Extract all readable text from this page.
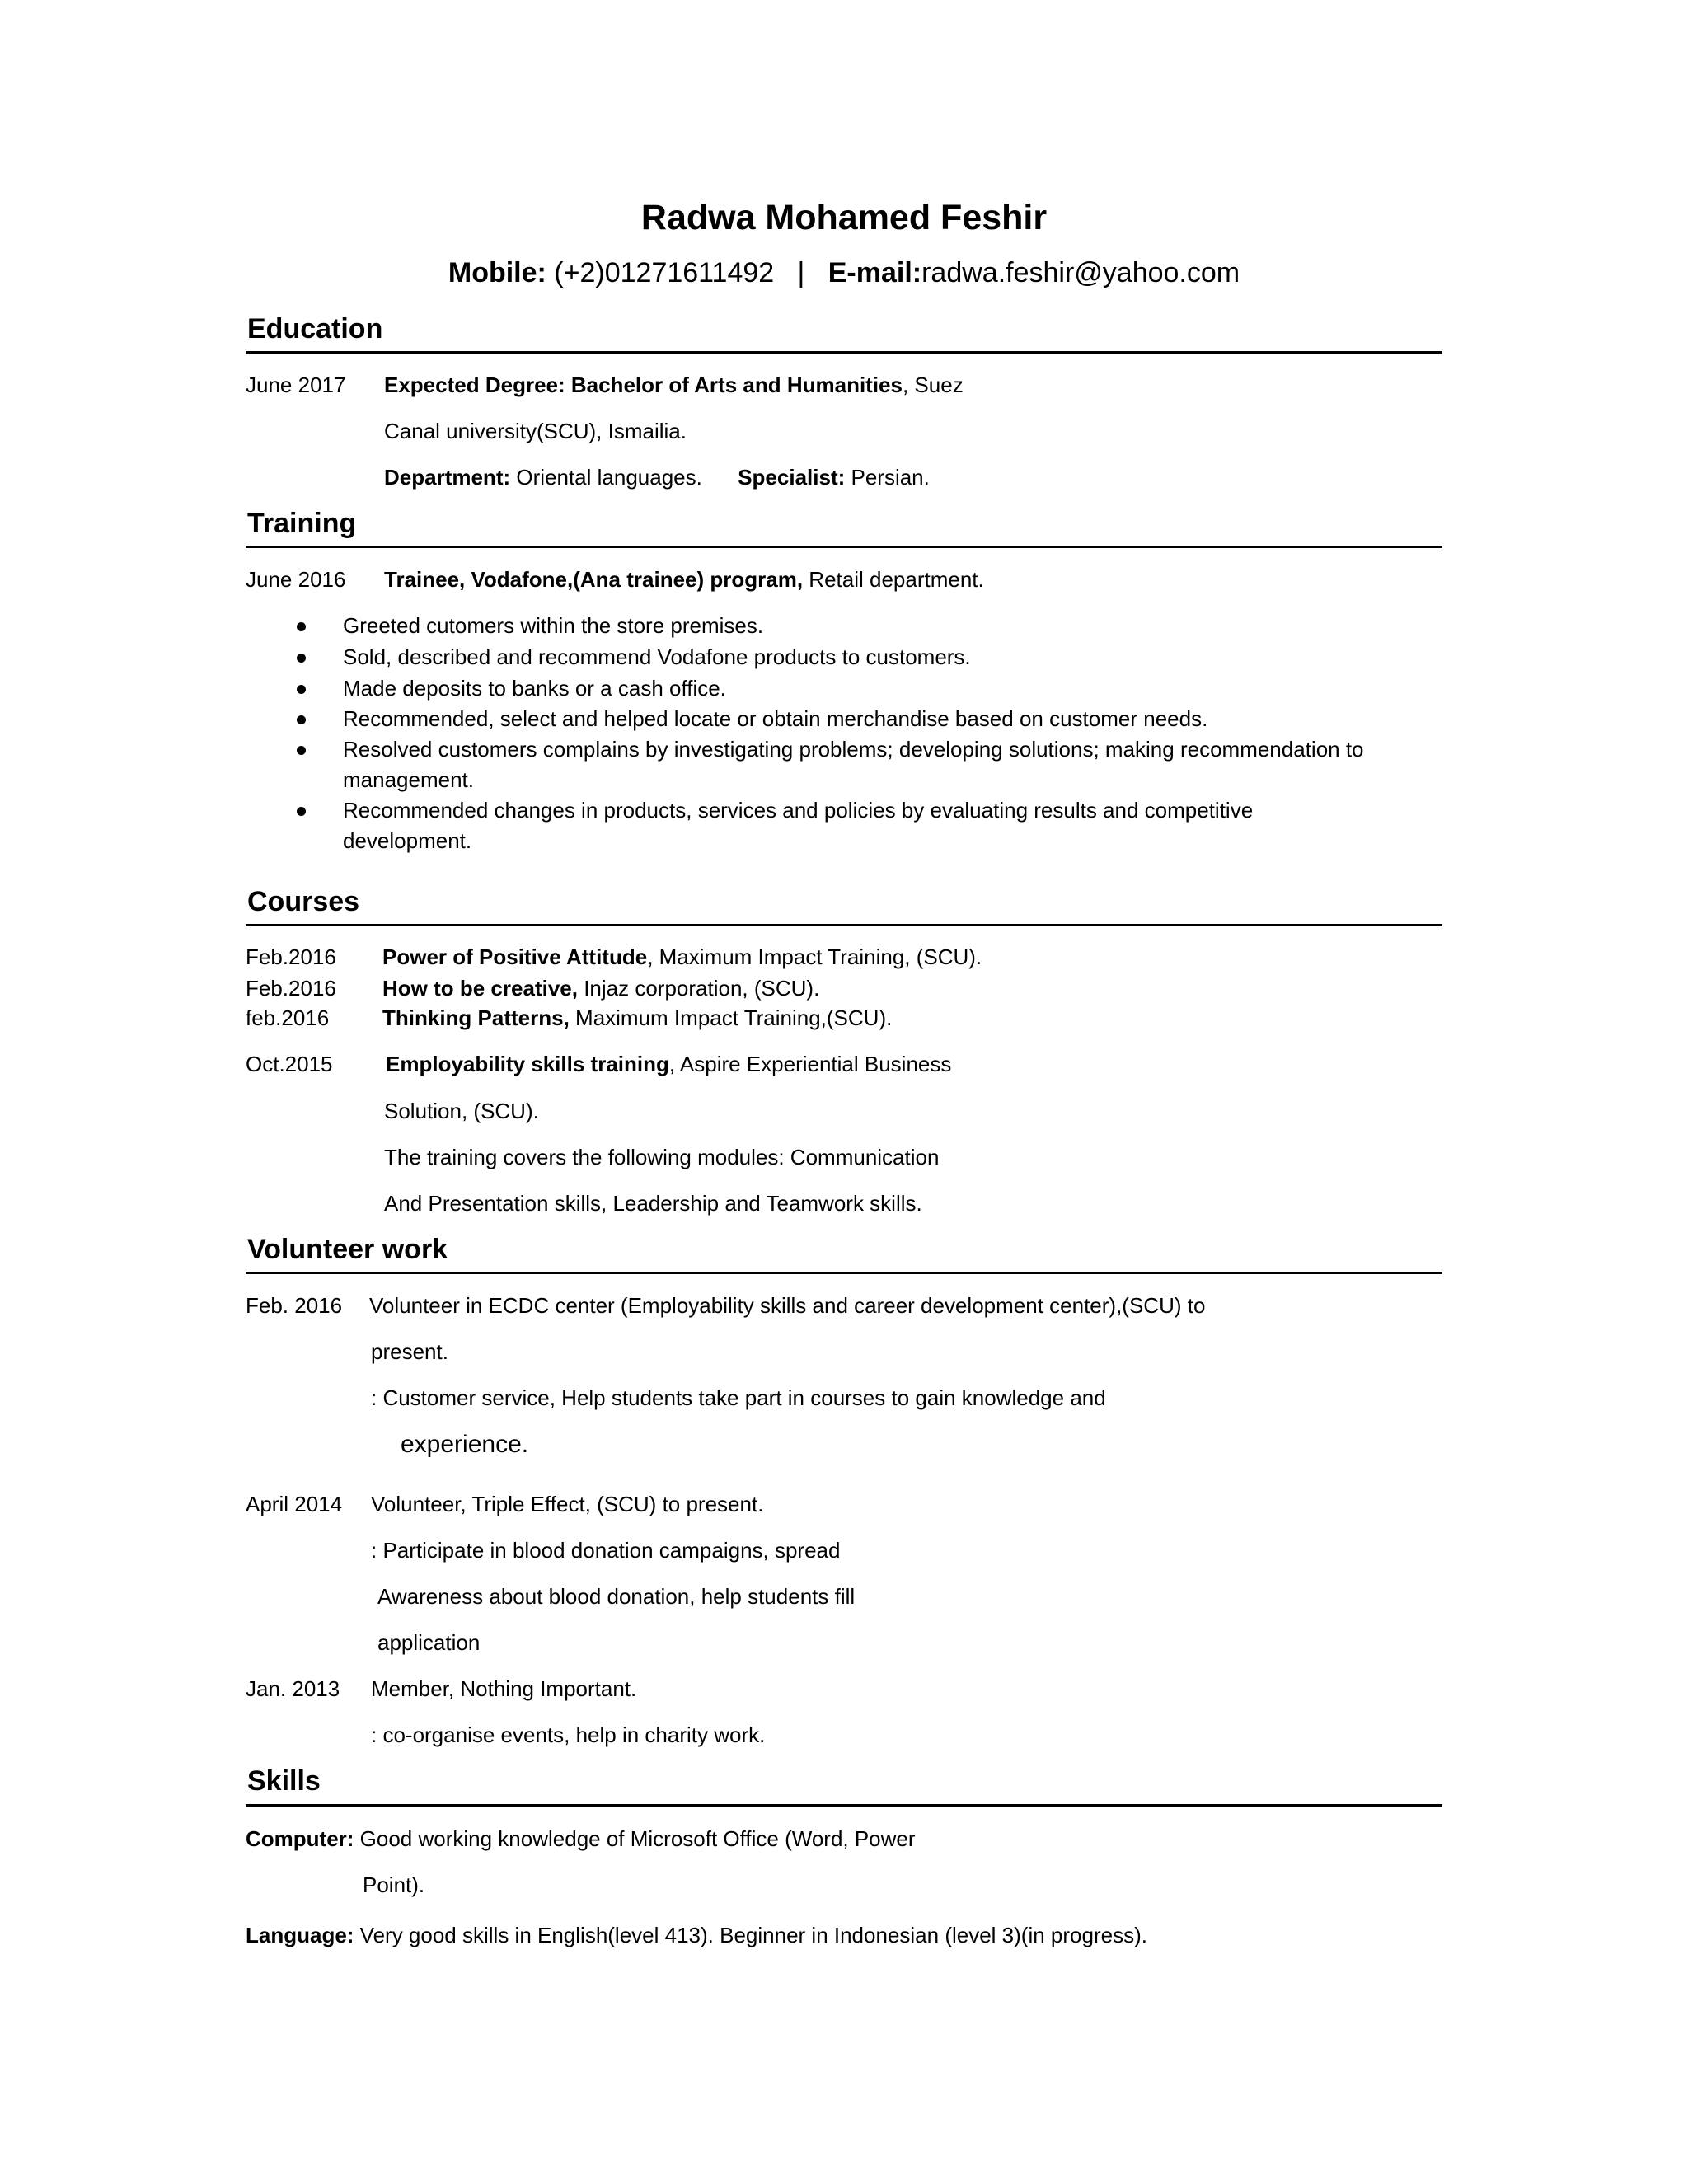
Radwa Mohamed Feshir
Mobile: (+2)01271611492 | E-mail:radwa.feshir@yahoo.com
Education
June 2017 Expected Degree: Bachelor of Arts and Humanities, Suez
Canal university(SCU), Ismailia.
Department: Oriental languages. Specialist: Persian.
Training
June 2016 Trainee, Vodafone,(Ana trainee) program, Retail department.
Greeted cutomers within the store premises.
Sold, described and recommend Vodafone products to customers.
Made deposits to banks or a cash office.
Recommended, select and helped locate or obtain merchandise based on customer needs.
Resolved customers complains by investigating problems; developing solutions; making recommendation to
management.
Recommended changes in products, services and policies by evaluating results and competitive
development.
Courses
Feb.2016 Power of Positive Attitude, Maximum Impact Training, (SCU).
Feb.2016 How to be creative, Injaz corporation, (SCU).
feb.2016 Thinking Patterns, Maximum Impact Training,(SCU).
Oct.2015 Employability skills training, Aspire Experiential Business
Solution, (SCU).
The training covers the following modules: Communication
And Presentation skills, Leadership and Teamwork skills.
Volunteer work
Feb. 2016 Volunteer in ECDC center (Employability skills and career development center),(SCU) to
present.
: Customer service, Help students take part in courses to gain knowledge and
experience.
April 2014 Volunteer, Triple Effect, (SCU) to present.
: Participate in blood donation campaigns, spread
Awareness about blood donation, help students fill
application
Jan. 2013 Member, Nothing Important.
: co-organise events, help in charity work.
Skills
Computer: Good working knowledge of Microsoft Office (Word, Power
Point).
Language: Very good skills in English(level 413). Beginner in Indonesian (level 3)(in progress).
